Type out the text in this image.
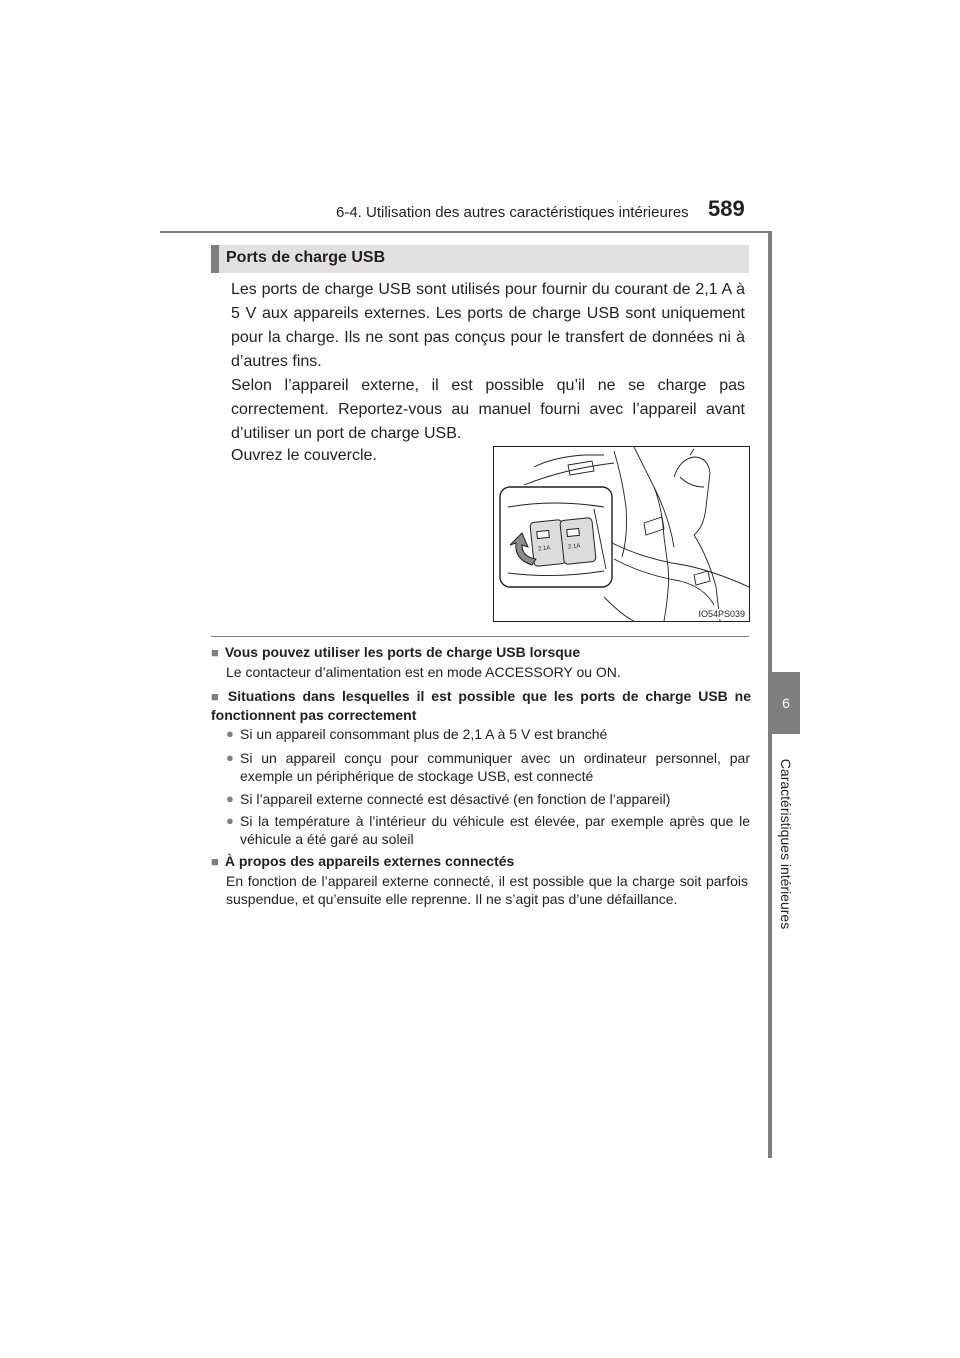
6-4. Utilisation des autres caractéristiques intérieures 589
6
Caractéristiques intérieures
Ports de charge USB
Les ports de charge USB sont utilisés pour fournir du courant de 2,1 A à 5 V aux appareils externes. Les ports de charge USB sont uniquement pour la charge. Ils ne sont pas conçus pour le transfert de données ni à d’autres fins.
Selon l’appareil externe, il est possible qu’il ne se charge pas correctement. Reportez-vous au manuel fourni avec l’appareil avant d’utiliser un port de charge USB.
Ouvrez le couvercle.
2.1A	2.1A
IO54PS039
■ Vous pouvez utiliser les ports de charge USB lorsque
Le contacteur d’alimentation est en mode ACCESSORY ou ON.
■ Situations dans lesquelles il est possible que les ports de charge USB ne fonctionnent pas correctement
● Si un appareil consommant plus de 2,1 A à 5 V est branché
● Si un appareil conçu pour communiquer avec un ordinateur personnel, par exemple un périphérique de stockage USB, est connecté
● Si l’appareil externe connecté est désactivé (en fonction de l’appareil)
● Si la température à l’intérieur du véhicule est élevée, par exemple après que le véhicule a été garé au soleil
■ À propos des appareils externes connectés
En fonction de l’appareil externe connecté, il est possible que la charge soit parfois suspendue, et qu’ensuite elle reprenne. Il ne s’agit pas d’une défaillance.
